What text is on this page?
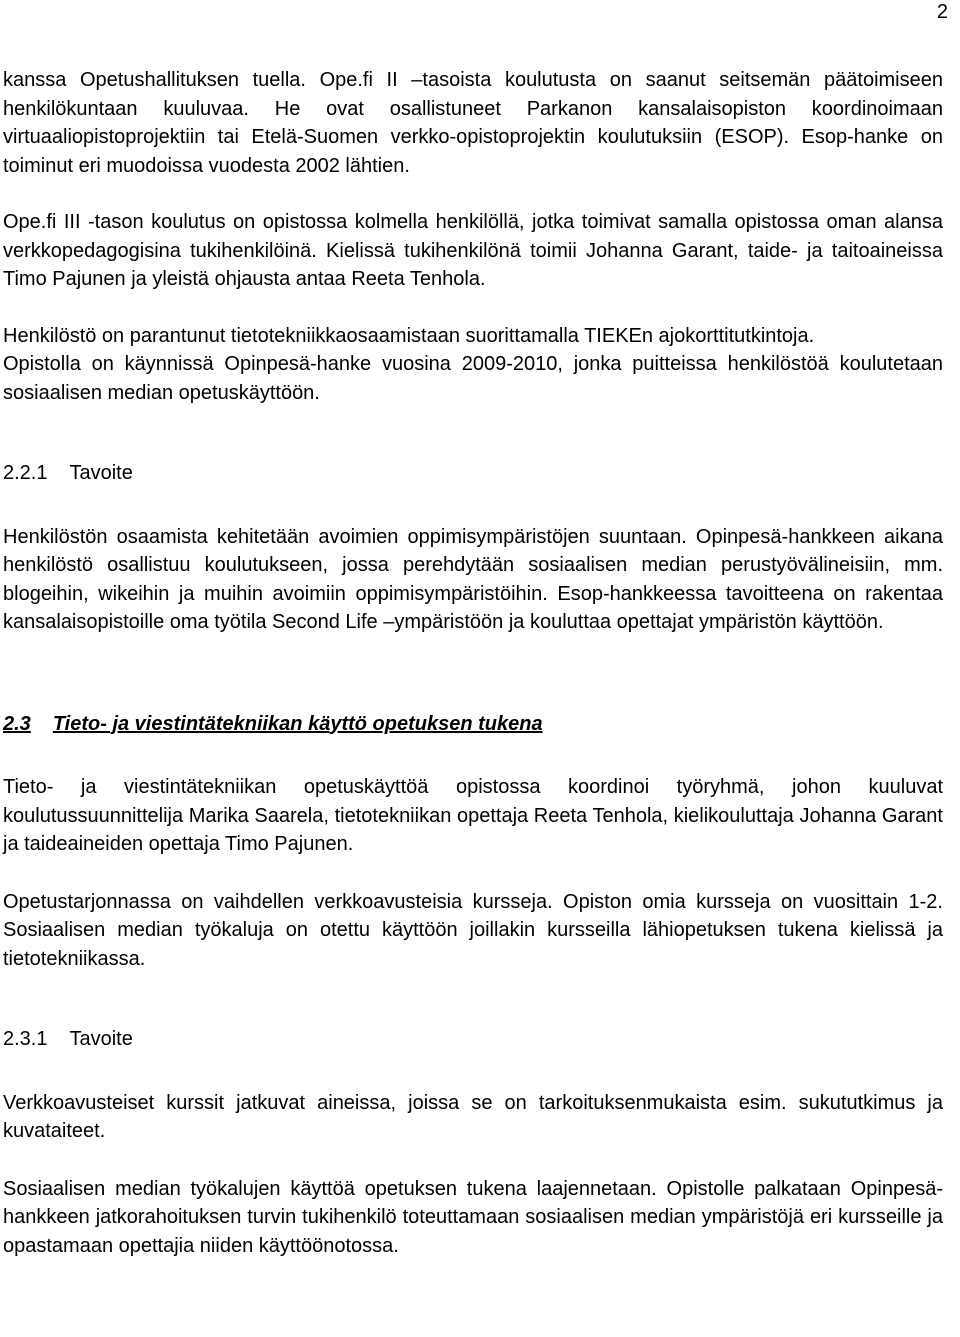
2

kanssa Opetushallituksen tuella. Ope.fi II –tasoista koulutusta on saanut seitsemän päätoimiseen henkilökuntaan kuuluvaa. He ovat osallistuneet Parkanon kansalaisopiston koordinoimaan virtuaaliopistoprojektiin tai Etelä-Suomen verkko-opistoprojektin koulutuksiin (ESOP). Esop-hanke on toiminut eri muodoissa vuodesta 2002 lähtien.

Ope.fi III -tason koulutus on opistossa kolmella henkilöllä, jotka toimivat samalla opistossa oman alansa verkkopedagogisina tukihenkilöinä. Kielissä tukihenkilönä toimii Johanna Garant, taide- ja taitoaineissa Timo Pajunen ja yleistä ohjausta antaa Reeta Tenhola.

Henkilöstö on parantunut tietotekniikkaosaamistaan suorittamalla TIEKEn ajokorttitutkintoja.

Opistolla on käynnissä Opinpesä-hanke vuosina 2009-2010, jonka puitteissa henkilöstöä koulutetaan sosiaalisen median opetuskäyttöön.

2.2.1 Tavoite

Henkilöstön osaamista kehitetään avoimien oppimisympäristöjen suuntaan. Opinpesä-hankkeen aikana henkilöstö osallistuu koulutukseen, jossa perehdytään sosiaalisen median perustyövälineisiin, mm. blogeihin, wikeihin ja muihin avoimiin oppimisympäristöihin. Esop-hankkeessa tavoitteena on rakentaa kansalaisopistoille oma työtila Second Life –ympäristöön ja kouluttaa opettajat ympäristön käyttöön.

2.3 Tieto- ja viestintätekniikan käyttö opetuksen tukena

Tieto- ja viestintätekniikan opetuskäyttöä opistossa koordinoi työryhmä, johon kuuluvat koulutussuunnittelija Marika Saarela, tietotekniikan opettaja Reeta Tenhola, kielikouluttaja Johanna Garant ja taideaineiden opettaja Timo Pajunen.

Opetustarjonnassa on vaihdellen verkkoavusteisia kursseja. Opiston omia kursseja on vuosittain 1-2. Sosiaalisen median työkaluja on otettu käyttöön joillakin kursseilla lähiopetuksen tukena kielissä ja tietotekniikassa.

2.3.1 Tavoite

Verkkoavusteiset kurssit jatkuvat aineissa, joissa se on tarkoituksenmukaista esim. sukututkimus ja kuvataiteet.

Sosiaalisen median työkalujen käyttöä opetuksen tukena laajennetaan. Opistolle palkataan Opinpesä-hankkeen jatkorahoituksen turvin tukihenkilö toteuttamaan sosiaalisen median ympäristöjä eri kursseille ja opastamaan opettajia niiden käyttöönotossa.
